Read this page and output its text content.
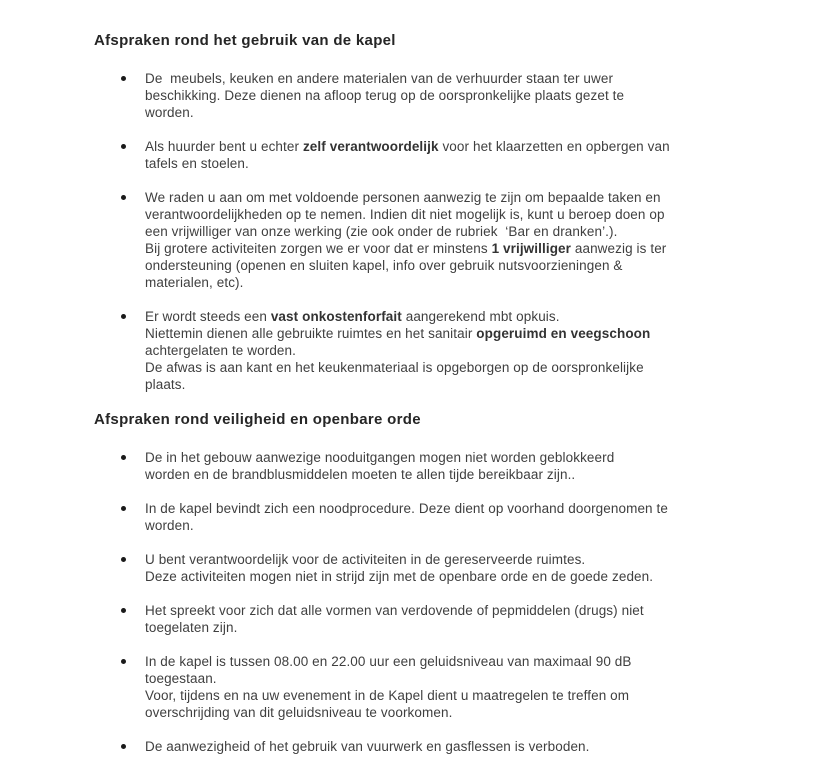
Afspraken rond het gebruik van de kapel
De  meubels, keuken en andere materialen van de verhuurder staan ter uwer
beschikking. Deze dienen na afloop terug op de oorspronkelijke plaats gezet te
worden.
Als huurder bent u echter zelf verantwoordelijk voor het klaarzetten en opbergen van
tafels en stoelen.
We raden u aan om met voldoende personen aanwezig te zijn om bepaalde taken en
verantwoordelijkheden op te nemen. Indien dit niet mogelijk is, kunt u beroep doen op
een vrijwilliger van onze werking (zie ook onder de rubriek  ‘Bar en dranken’.).
Bij grotere activiteiten zorgen we er voor dat er minstens 1 vrijwilliger aanwezig is ter
ondersteuning (openen en sluiten kapel, info over gebruik nutsvoorzieningen &
materialen, etc).
Er wordt steeds een vast onkostenforfait aangerekend mbt opkuis.
Niettemin dienen alle gebruikte ruimtes en het sanitair opgeruimd en veegschoon
achtergelaten te worden.
De afwas is aan kant en het keukenmateriaal is opgeborgen op de oorspronkelijke
plaats.
Afspraken rond veiligheid en openbare orde
De in het gebouw aanwezige nooduitgangen mogen niet worden geblokkeerd
worden en de brandblusmiddelen moeten te allen tijde bereikbaar zijn..
In de kapel bevindt zich een noodprocedure. Deze dient op voorhand doorgenomen te
worden.
U bent verantwoordelijk voor de activiteiten in de gereserveerde ruimtes.
Deze activiteiten mogen niet in strijd zijn met de openbare orde en de goede zeden.
Het spreekt voor zich dat alle vormen van verdovende of pepmiddelen (drugs) niet
toegelaten zijn.
In de kapel is tussen 08.00 en 22.00 uur een geluidsniveau van maximaal 90 dB
toegestaan.
Voor, tijdens en na uw evenement in de Kapel dient u maatregelen te treffen om
overschrijding van dit geluidsniveau te voorkomen.
De aanwezigheid of het gebruik van vuurwerk en gasflessen is verboden.
